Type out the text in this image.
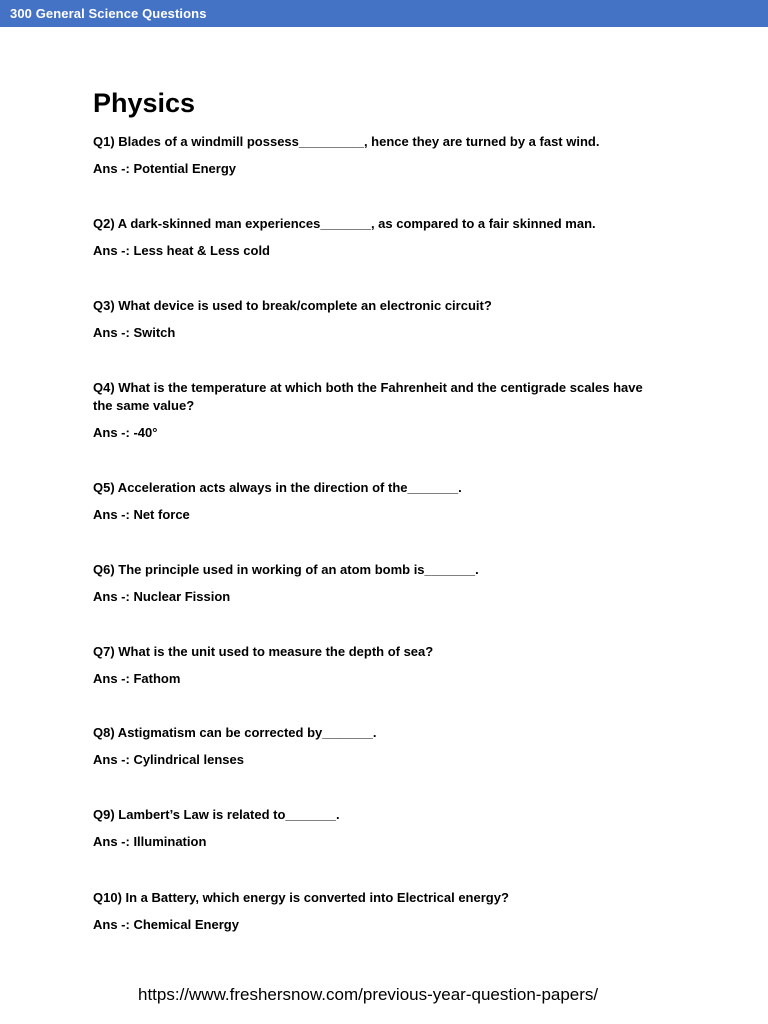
300 General Science Questions
Physics

Q1) Blades of a windmill possess_________, hence they are turned by a fast wind.

Ans -: Potential Energy

Q2) A dark-skinned man experiences_______, as compared to a fair skinned man.

Ans -: Less heat & Less cold

Q3) What device is used to break/complete an electronic circuit?

Ans -: Switch

Q4) What is the temperature at which both the Fahrenheit and the centigrade scales have the same value?

Ans -: -40°

Q5) Acceleration acts always in the direction of the_______.

Ans -: Net force

Q6) The principle used in working of an atom bomb is_______.

Ans -: Nuclear Fission

Q7) What is the unit used to measure the depth of sea?

Ans -: Fathom

Q8) Astigmatism can be corrected by_______.

Ans -: Cylindrical lenses

Q9) Lambert’s Law is related to_______.

Ans -: Illumination

Q10) In a Battery, which energy is converted into Electrical energy?

Ans -: Chemical Energy

https://www.freshersnow.com/previous-year-question-papers/
